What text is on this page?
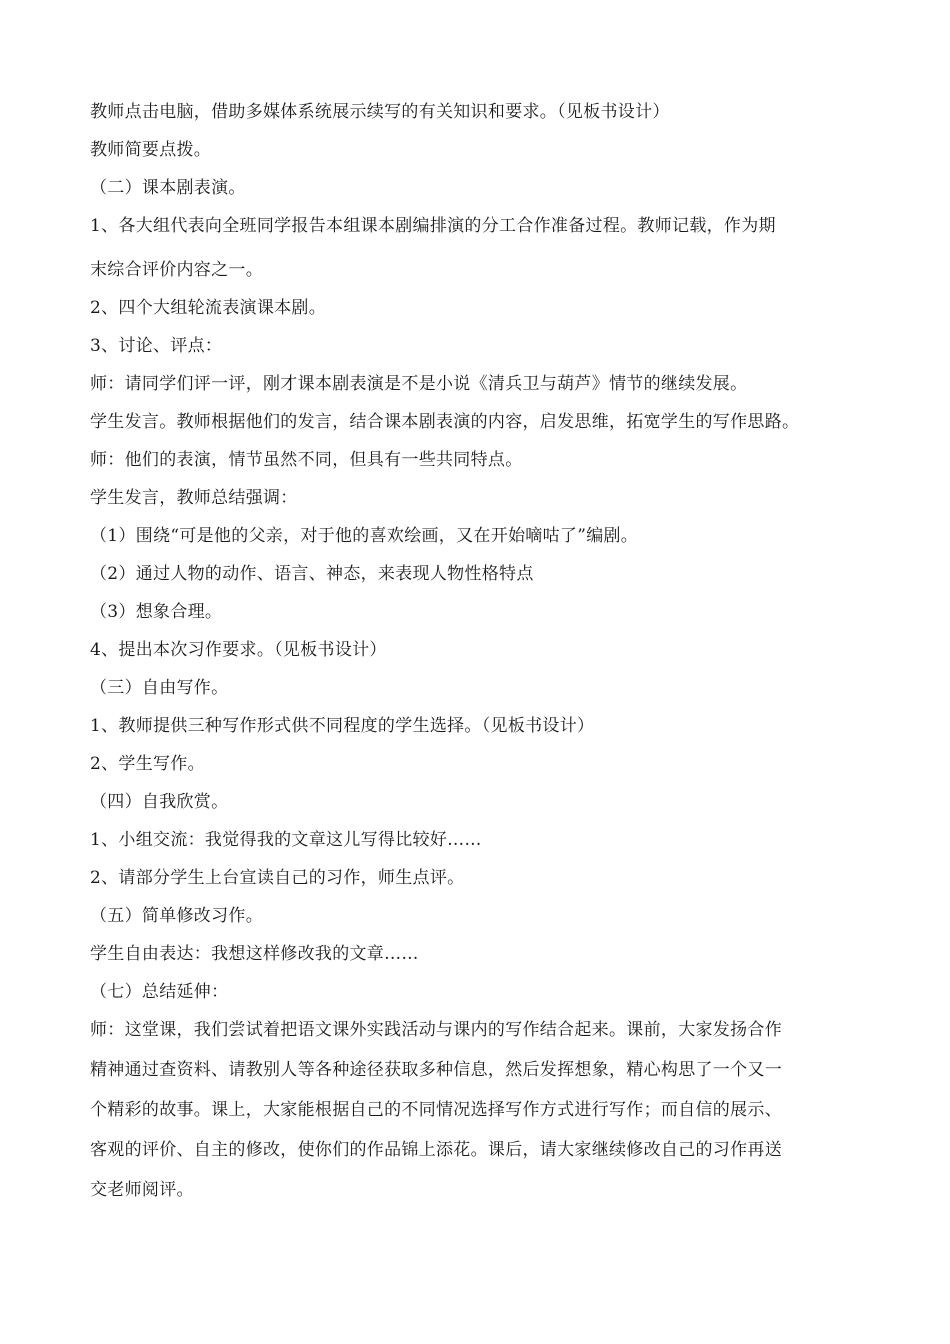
教师点击电脑，借助多媒体系统展示续写的有关知识和要求。（见板书设计）
教师简要点拨。
（二）课本剧表演。
1、各大组代表向全班同学报告本组课本剧编排演的分工合作准备过程。教师记载，作为期
末综合评价内容之一。
2、四个大组轮流表演课本剧。
3、讨论、评点：
师：请同学们评一评，刚才课本剧表演是不是小说《清兵卫与葫芦》情节的继续发展。
学生发言。教师根据他们的发言，结合课本剧表演的内容，启发思维，拓宽学生的写作思路。
师：他们的表演，情节虽然不同，但具有一些共同特点。
学生发言，教师总结强调：
（1）围绕“可是他的父亲，对于他的喜欢绘画，又在开始嘀咕了”编剧。
（2）通过人物的动作、语言、神态，来表现人物性格特点
（3）想象合理。
4、提出本次习作要求。（见板书设计）
（三）自由写作。
1、教师提供三种写作形式供不同程度的学生选择。（见板书设计）
2、学生写作。
（四）自我欣赏。
1、小组交流：我觉得我的文章这儿写得比较好……
2、请部分学生上台宣读自己的习作，师生点评。
（五）简单修改习作。
学生自由表达：我想这样修改我的文章……
（七）总结延伸：
师：这堂课，我们尝试着把语文课外实践活动与课内的写作结合起来。课前，大家发扬合作
精神通过查资料、请教别人等各种途径获取多种信息，然后发挥想象，精心构思了一个又一
个精彩的故事。课上，大家能根据自己的不同情况选择写作方式进行写作；而自信的展示、
客观的评价、自主的修改，使你们的作品锦上添花。课后，请大家继续修改自己的习作再送
交老师阅评。
